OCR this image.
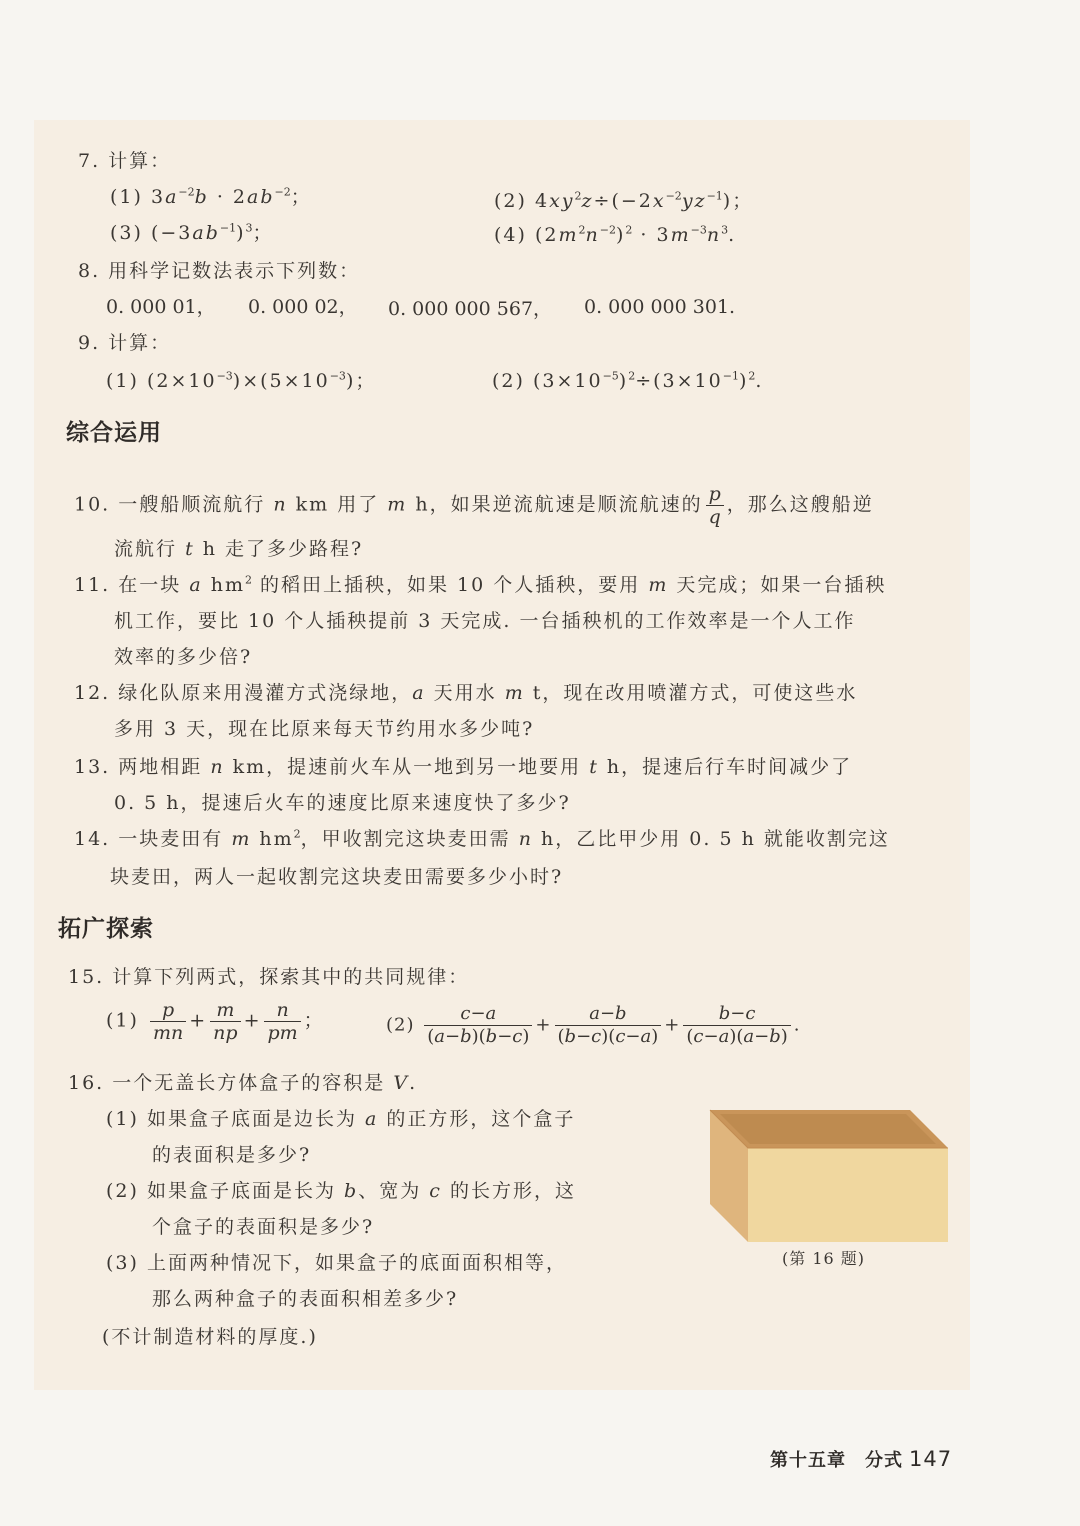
7. 计算：
(1) $3a^{-2}b \cdot 2ab^{-2}$；	(2) $4xy^2z\div(-2x^{-2}yz^{-1})$；
(3) $(-3ab^{-1})^3$；	(4) $(2m^2n^{-2})^2 \cdot 3m^{-3}n^3$.
8. 用科学记数法表示下列数：
0. 000 01， 0. 000 02， 0. 000 000 567， 0. 000 000 301.
9. 计算：
(1) $(2\times 10^{-3})\times(5\times 10^{-3})$；	(2) $(3\times 10^{-5})^2\div(3\times 10^{-1})^2$.
综合运用
10. 一艘船顺流航行 n km 用了 m h，如果逆流航速是顺流航速的 $\frac{p}{q}$ ，那么这艘船逆
流航行 t h 走了多少路程?
11. 在一块 a $hm^2$ 的稻田上插秧，如果 10 个人插秧，要用 m 天完成；如果一台插秧
机工作，要比 10 个人插秧提前 3 天完成. 一台插秧机的工作效率是一个人工作
效率的多少倍?
12. 绿化队原来用漫灌方式浇绿地，a 天用水 m t，现在改用喷灌方式，可使这些水
多用 3 天，现在比原来每天节约用水多少吨?
13. 两地相距 n km，提速前火车从一地到另一地要用 t h，提速后行车时间减少了
0. 5 h，提速后火车的速度比原来速度快了多少?
14. 一块麦田有 m $hm^2$，甲收割完这块麦田需 n h，乙比甲少用 0. 5 h 就能收割完这
块麦田，两人一起收割完这块麦田需要多少小时?
拓广探索
15. 计算下列两式，探索其中的共同规律：
$(1) \frac{p}{mn} + \frac{m}{np} + \frac{n}{pm}$ ；	$(2) \frac{c-a}{(a-b)(b-c)} + \frac{a-b}{(b-c)(c-a)} + \frac{b-c}{(c-a)(a-b)}$ .
16. 一个无盖长方体盒子的容积是 V.
(1) 如果盒子底面是边长为 a 的正方形，这个盒子
的表面积是多少?
(2) 如果盒子底面是长为 b、宽为 c 的长方形，这
个盒子的表面积是多少?
(3) 上面两种情况下，如果盒子的底面面积相等，
那么两种盒子的表面积相差多少?
(不计制造材料的厚度.)
(第 16 题)
第十五章　分式 147
